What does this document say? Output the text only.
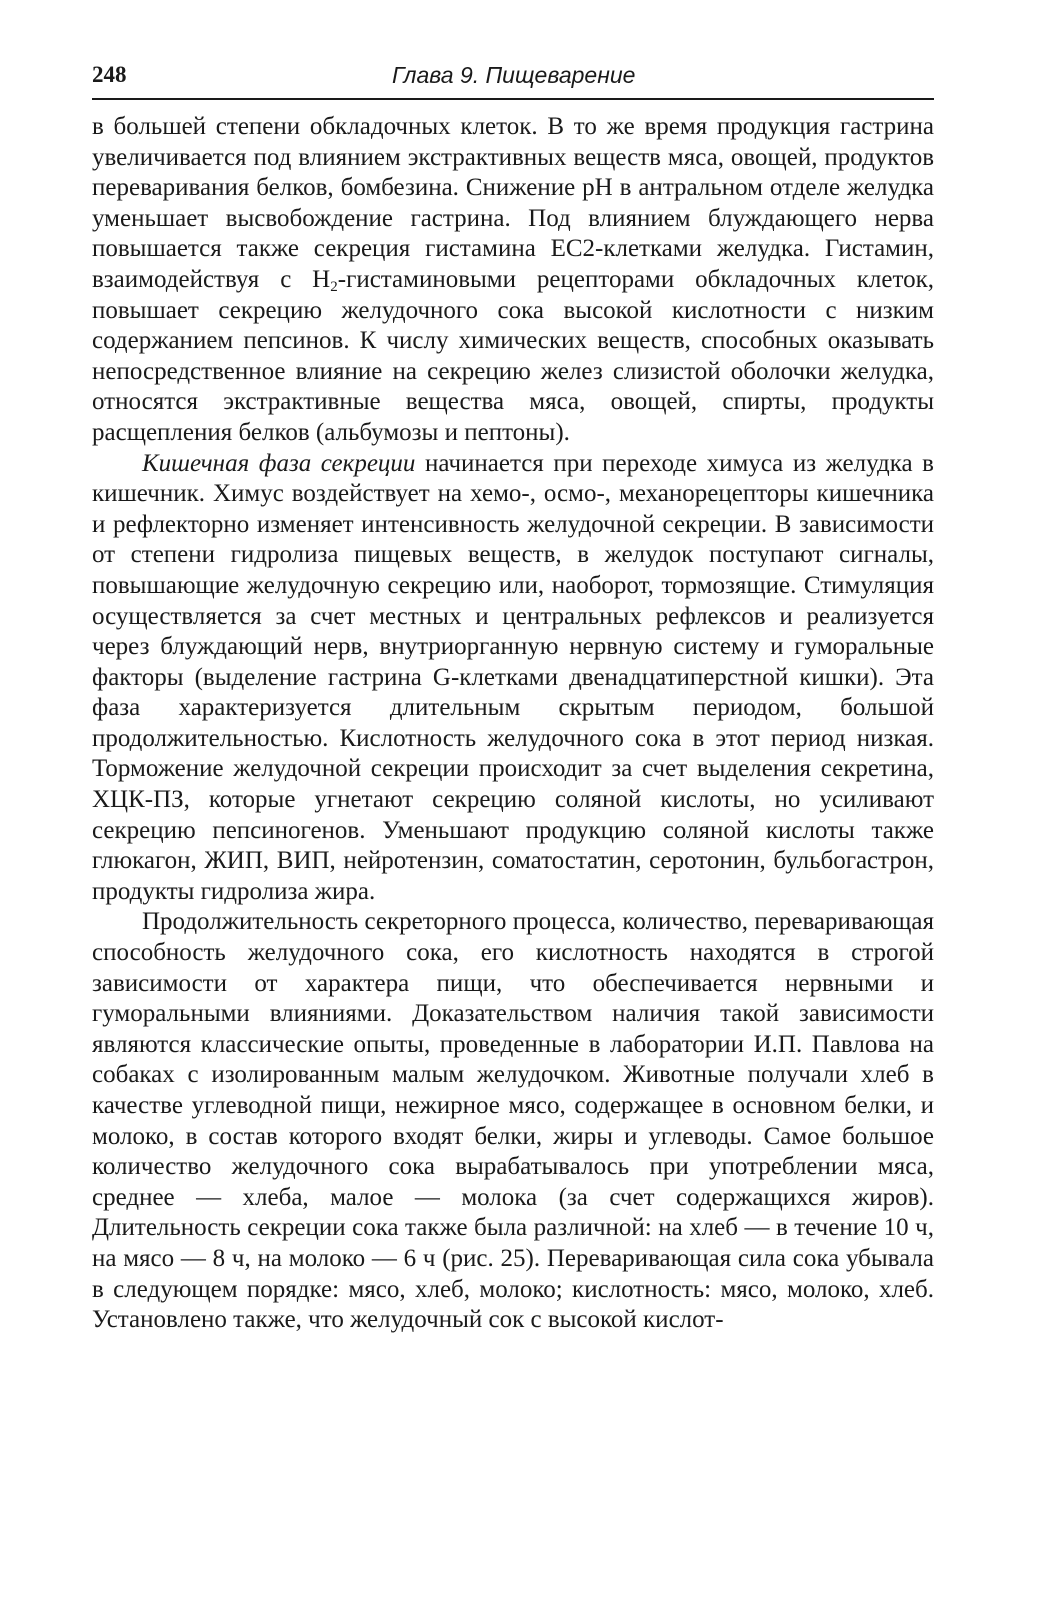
248	Глава 9. Пищеварение

в большей степени обкладочных клеток. В то же время продукция гастрина увеличивается под влиянием экстрактивных веществ мяса, овощей, продуктов переваривания белков, бомбезина. Снижение рН в антральном отделе желудка уменьшает высвобождение гастрина. Под влиянием блуждающего нерва повышается также секреция гистамина ЕС2-клетками желудка. Гистамин, взаимодействуя с $H_2$-гистаминовыми рецепторами обкладочных клеток, повышает секрецию желудочного сока высокой кислотности с низким содержанием пепсинов. К числу химических веществ, способных оказывать непосредственное влияние на секрецию желез слизистой оболочки желудка, относятся экстрактивные вещества мяса, овощей, спирты, продукты расщепления белков (альбумозы и пептоны).

Кишечная фаза секреции начинается при переходе химуса из желудка в кишечник. Химус воздействует на хемо-, осмо-, механорецепторы кишечника и рефлекторно изменяет интенсивность желудочной секреции. В зависимости от степени гидролиза пищевых веществ, в желудок поступают сигналы, повышающие желудочную секрецию или, наоборот, тормозящие. Стимуляция осуществляется за счет местных и центральных рефлексов и реализуется через блуждающий нерв, внутриорганную нервную систему и гуморальные факторы (выделение гастрина G-клетками двенадцатиперстной кишки). Эта фаза характеризуется длительным скрытым периодом, большой продолжительностью. Кислотность желудочного сока в этот период низкая. Торможение желудочной секреции происходит за счет выделения секретина, ХЦК-ПЗ, которые угнетают секрецию соляной кислоты, но усиливают секрецию пепсиногенов. Уменьшают продукцию соляной кислоты также глюкагон, ЖИП, ВИП, нейротензин, соматостатин, серотонин, бульбогастрон, продукты гидролиза жира.

Продолжительность секреторного процесса, количество, переваривающая способность желудочного сока, его кислотность находятся в строгой зависимости от характера пищи, что обеспечивается нервными и гуморальными влияниями. Доказательством наличия такой зависимости являются классические опыты, проведенные в лаборатории И.П. Павлова на собаках с изолированным малым желудочком. Животные получали хлеб в качестве углеводной пищи, нежирное мясо, содержащее в основном белки, и молоко, в состав которого входят белки, жиры и углеводы. Самое большое количество желудочного сока вырабатывалось при употреблении мяса, среднее — хлеба, малое — молока (за счет содержащихся жиров). Длительность секреции сока также была различной: на хлеб — в течение 10 ч, на мясо — 8 ч, на молоко — 6 ч (рис. 25). Переваривающая сила сока убывала в следующем порядке: мясо, хлеб, молоко; кислотность: мясо, молоко, хлеб. Установлено также, что желудочный сок с высокой кислот-
